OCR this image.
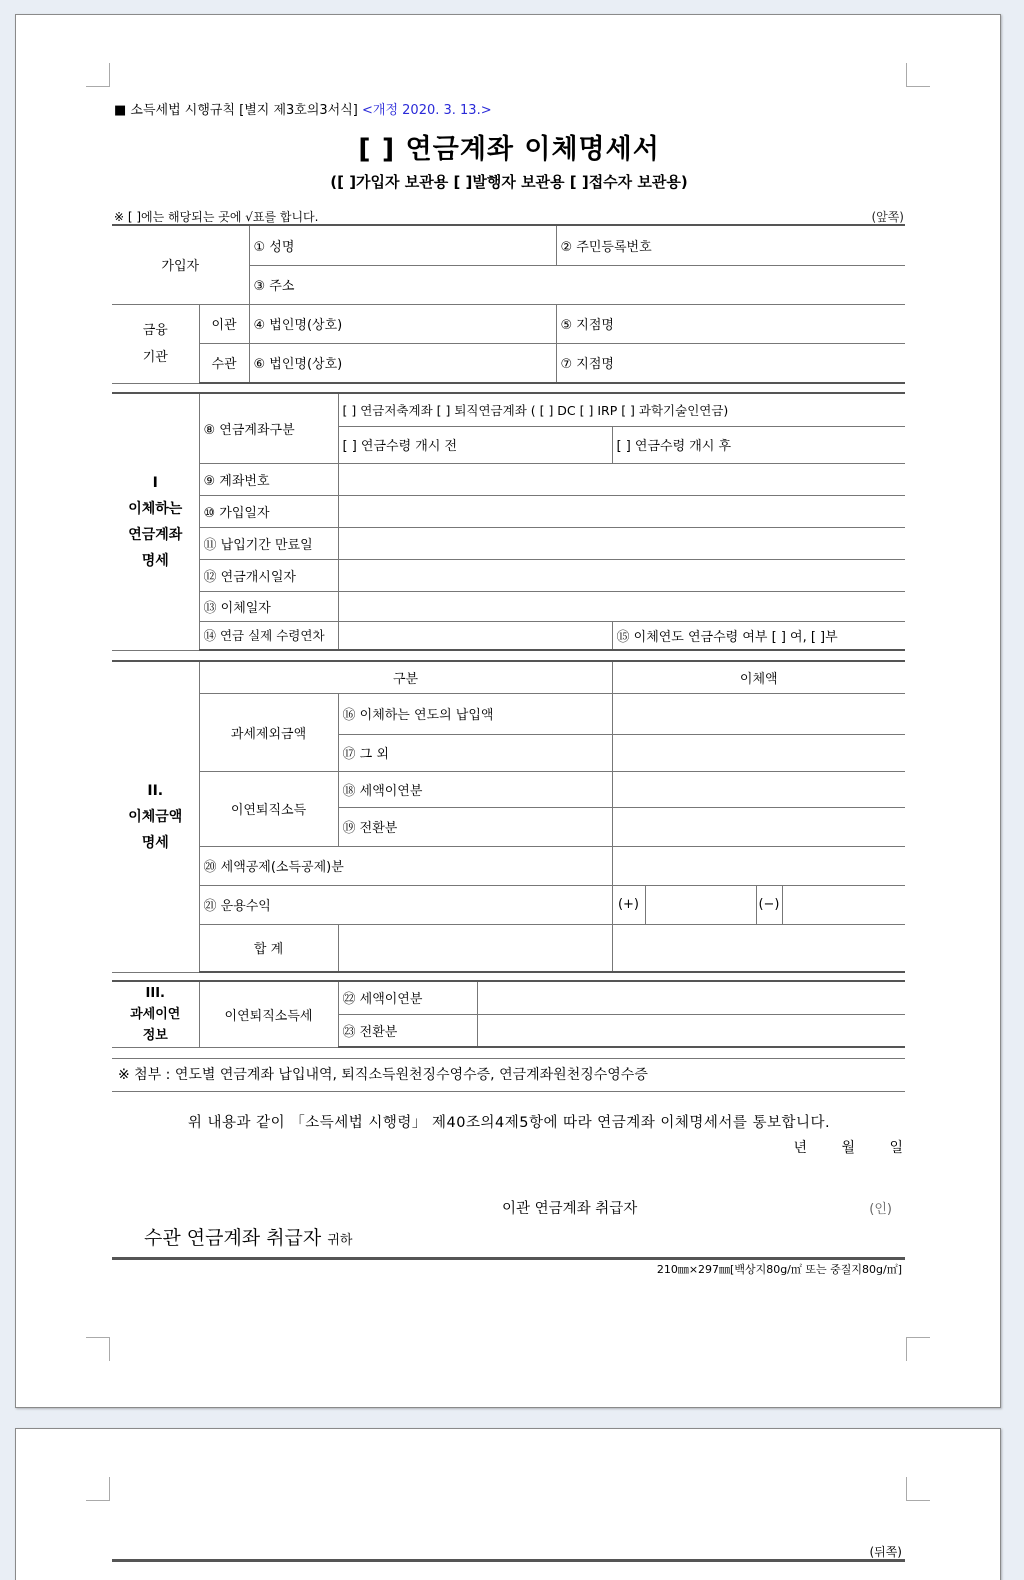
■ 소득세법 시행규칙 [별지 제3호의3서식] <개정 2020. 3. 13.>
[ ] 연금계좌 이체명세서
([ ]가입자 보관용 [ ]발행자 보관용 [ ]접수자 보관용)
※ [ ]에는 해당되는 곳에 √표를 합니다.	(앞쪽)
가입자		① 성명	② 주민등록번호
		③ 주소	

금융
기관	이관	④ 법인명(상호)	⑤ 지점명
	수관	⑥ 법인명(상호)	⑦ 지점명
I
이체하는
연금계좌
명세	⑧ 연금계좌구분	[ ] 연금저축계좌 [ ] 퇴직연금계좌 ( [ ] DC [ ] IRP [ ] 과학기술인연금)	
		[ ] 연금수령 개시 전	[ ] 연금수령 개시 후
	⑨ 계좌번호		
	⑩ 가입일자		
	⑪ 납입기간 만료일		
	⑫ 연금개시일자		
	⑬ 이체일자		
	⑭ 연금 실제 수령연차		⑮ 이체연도 연금수령 여부 [ ] 여, [ ]부
II.
이체금액
명세	구분		이체액			
	과세제외금액	⑯ 이체하는 연도의 납입액				
		⑰ 그 외				
	이연퇴직소득	⑱ 세액이연분				
		⑲ 전환분				
	⑳ 세액공제(소득공제)분					
	㉑ 운용수익		(+)		(−)	
	합 계					
III.
과세이연
정보	이연퇴직소득세	㉒ 세액이연분	
		㉓ 전환분	
※ 첨부 : 연도별 연금계좌 납입내역, 퇴직소득원천징수영수증, 연금계좌원천징수영수증
위 내용과 같이 「소득세법 시행령」 제40조의4제5항에 따라 연금계좌 이체명세서를 통보합니다.
년 월 일
이관 연금계좌 취급자	(인)
수관 연금계좌 취급자 귀하
210㎜×297㎜[백상지80g/㎡ 또는 중질지80g/㎡]
(뒤쪽)
